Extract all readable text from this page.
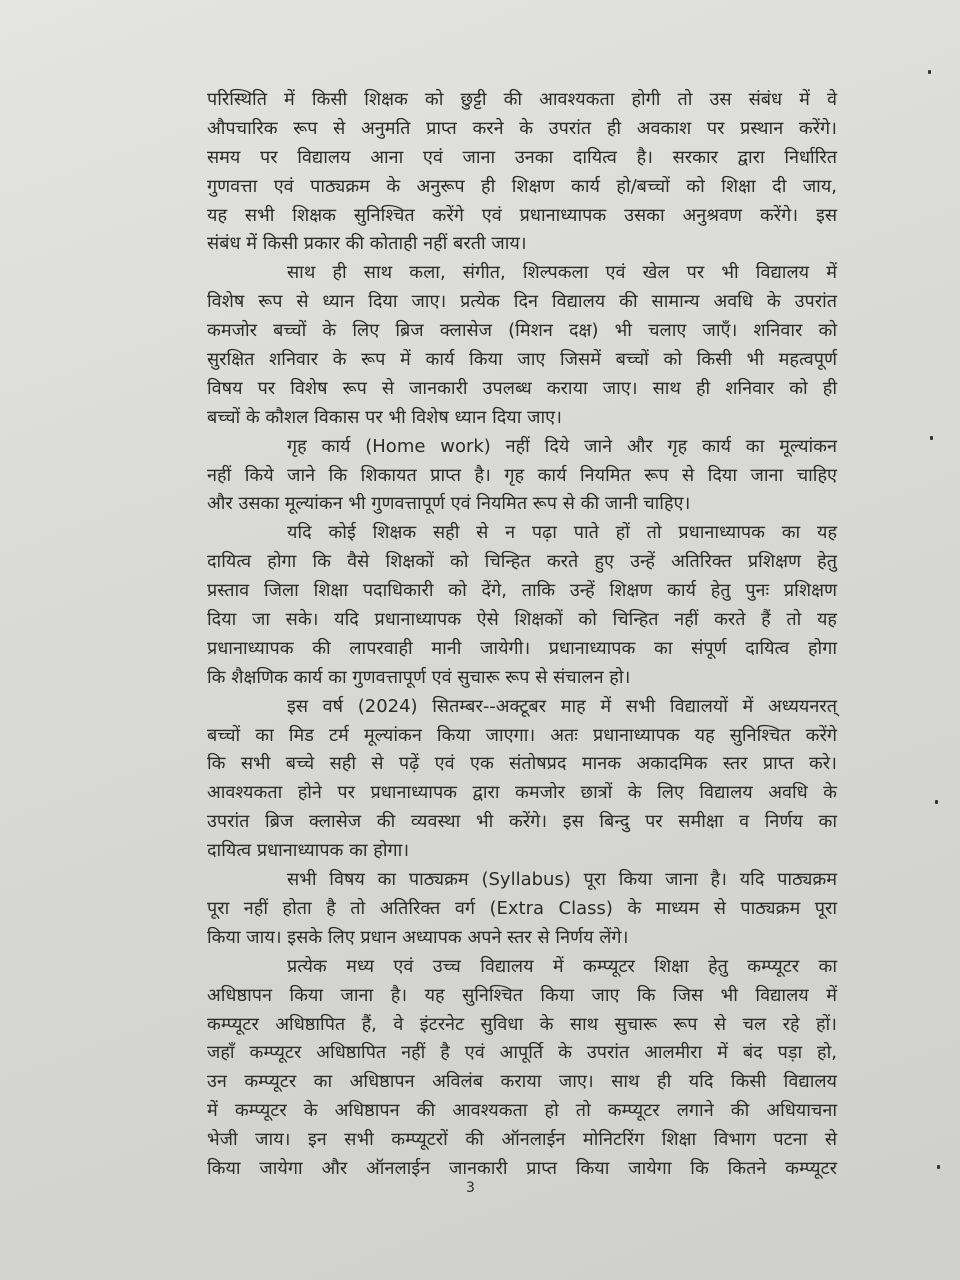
परिस्थिति में किसी शिक्षक को छुट्टी की आवश्यकता होगी तो उस संबंध में वे
औपचारिक रूप से अनुमति प्राप्त करने के उपरांत ही अवकाश पर प्रस्थान करेंगे।
समय पर विद्यालय आना एवं जाना उनका दायित्व है। सरकार द्वारा निर्धारित
गुणवत्ता एवं पाठ्यक्रम के अनुरूप ही शिक्षण कार्य हो/बच्चों को शिक्षा दी जाय,
यह सभी शिक्षक सुनिश्चित करेंगे एवं प्रधानाध्यापक उसका अनुश्रवण करेंगे। इस
संबंध में किसी प्रकार की कोताही नहीं बरती जाय।
साथ ही साथ कला, संगीत, शिल्पकला एवं खेल पर भी विद्यालय में
विशेष रूप से ध्यान दिया जाए। प्रत्येक दिन विद्यालय की सामान्य अवधि के उपरांत
कमजोर बच्चों के लिए ब्रिज क्लासेज (मिशन दक्ष) भी चलाए जाएँ। शनिवार को
सुरक्षित शनिवार के रूप में कार्य किया जाए जिसमें बच्चों को किसी भी महत्वपूर्ण
विषय पर विशेष रूप से जानकारी उपलब्ध कराया जाए। साथ ही शनिवार को ही
बच्चों के कौशल विकास पर भी विशेष ध्यान दिया जाए।
गृह कार्य (Home work) नहीं दिये जाने और गृह कार्य का मूल्यांकन
नहीं किये जाने कि शिकायत प्राप्त है। गृह कार्य नियमित रूप से दिया जाना चाहिए
और उसका मूल्यांकन भी गुणवत्तापूर्ण एवं नियमित रूप से की जानी चाहिए।
यदि कोई शिक्षक सही से न पढ़ा पाते हों तो प्रधानाध्यापक का यह
दायित्व होगा कि वैसे शिक्षकों को चिन्हित करते हुए उन्हें अतिरिक्त प्रशिक्षण हेतु
प्रस्ताव जिला शिक्षा पदाधिकारी को देंगे, ताकि उन्हें शिक्षण कार्य हेतु पुनः प्रशिक्षण
दिया जा सके। यदि प्रधानाध्यापक ऐसे शिक्षकों को चिन्हित नहीं करते हैं तो यह
प्रधानाध्यापक की लापरवाही मानी जायेगी। प्रधानाध्यापक का संपूर्ण दायित्व होगा
कि शैक्षणिक कार्य का गुणवत्तापूर्ण एवं सुचारू रूप से संचालन हो।
इस वर्ष (2024) सितम्बर--अक्टूबर माह में सभी विद्यालयों में अध्ययनरत्
बच्चों का मिड टर्म मूल्यांकन किया जाएगा। अतः प्रधानाध्यापक यह सुनिश्चित करेंगे
कि सभी बच्चे सही से पढ़ें एवं एक संतोषप्रद मानक अकादमिक स्तर प्राप्त करे।
आवश्यकता होने पर प्रधानाध्यापक द्वारा कमजोर छात्रों के लिए विद्यालय अवधि के
उपरांत ब्रिज क्लासेज की व्यवस्था भी करेंगे। इस बिन्दु पर समीक्षा व निर्णय का
दायित्व प्रधानाध्यापक का होगा।
सभी विषय का पाठ्यक्रम (Syllabus) पूरा किया जाना है। यदि पाठ्यक्रम
पूरा नहीं होता है तो अतिरिक्त वर्ग (Extra Class) के माध्यम से पाठ्यक्रम पूरा
किया जाय। इसके लिए प्रधान अध्यापक अपने स्तर से निर्णय लेंगे।
प्रत्येक मध्य एवं उच्च विद्यालय में कम्प्यूटर शिक्षा हेतु कम्प्यूटर का
अधिष्ठापन किया जाना है। यह सुनिश्चित किया जाए कि जिस भी विद्यालय में
कम्प्यूटर अधिष्ठापित हैं, वे इंटरनेट सुविधा के साथ सुचारू रूप से चल रहे हों।
जहाँ कम्प्यूटर अधिष्ठापित नहीं है एवं आपूर्ति के उपरांत आलमीरा में बंद पड़ा हो,
उन कम्प्यूटर का अधिष्ठापन अविलंब कराया जाए। साथ ही यदि किसी विद्यालय
में कम्प्यूटर के अधिष्ठापन की आवश्यकता हो तो कम्प्यूटर लगाने की अधियाचना
भेजी जाय। इन सभी कम्प्यूटरों की ऑनलाईन मोनिटरिंग शिक्षा विभाग पटना से
किया जायेगा और ऑनलाईन जानकारी प्राप्त किया जायेगा कि कितने कम्प्यूटर
3
